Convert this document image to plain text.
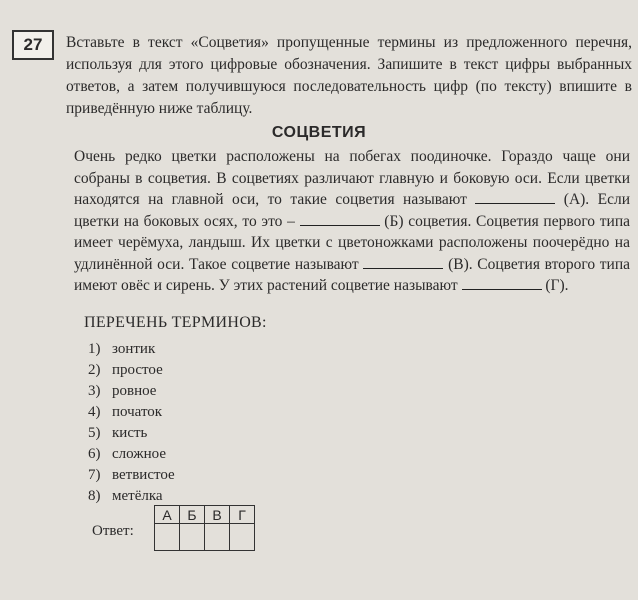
27	Вставьте в текст «Соцветия» пропущенные термины из предложенного перечня, используя для этого цифровые обозначения. Запишите в текст цифры выбранных ответов, а затем получившуюся последовательность цифр (по тексту) впишите в приведённую ниже таблицу.
СОЦВЕТИЯ
Очень редко цветки расположены на побегах поодиночке. Гораздо чаще они собраны в соцветия. В соцветиях различают главную и боковую оси. Если цветки находятся на главной оси, то такие соцветия называют	(А). Если цветки на боковых осях, то это –	(Б) соцветия. Соцветия первого типа имеет черёмуха, ландыш. Их цветки с цветоножками расположены поочерёдно на удлинённой оси. Такое соцветие называют	(В). Соцветия второго типа имеют овёс и сирень. У этих растений соцветие называют	(Г).
ПЕРЕЧЕНЬ ТЕРМИНОВ:
1) зонтик
2) простое
3) ровное
4) початок
5) кисть
6) сложное
7) ветвистое
8) метёлка
Ответ:
А	Б	В	Г
